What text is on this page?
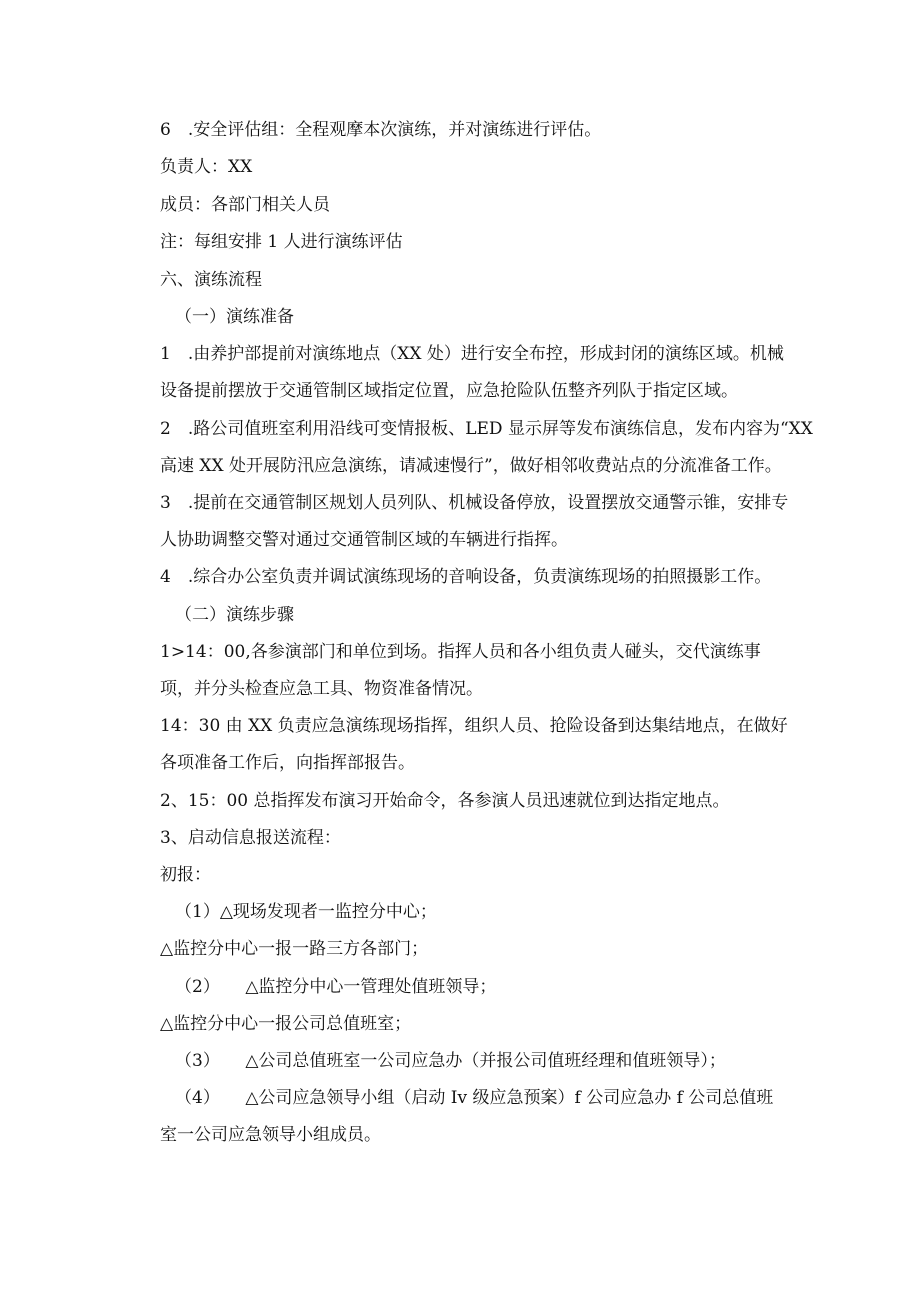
6　.安全评估组：全程观摩本次演练，并对演练进行评估。
负责人：XX
成员：各部门相关人员
注：每组安排 1 人进行演练评估
六、演练流程
（一）演练准备
1　.由养护部提前对演练地点（XX 处）进行安全布控，形成封闭的演练区域。机械
设备提前摆放于交通管制区域指定位置，应急抢险队伍整齐列队于指定区域。
2　.路公司值班室利用沿线可变情报板、LED 显示屏等发布演练信息，发布内容为“XX
高速 XX 处开展防汛应急演练，请减速慢行”，做好相邻收费站点的分流准备工作。
3　.提前在交通管制区规划人员列队、机械设备停放，设置摆放交通警示锥，安排专
人协助调整交警对通过交通管制区域的车辆进行指挥。
4　.综合办公室负责并调试演练现场的音响设备，负责演练现场的拍照摄影工作。
（二）演练步骤
1>14：00,各参演部门和单位到场。指挥人员和各小组负责人碰头，交代演练事
项，并分头检查应急工具、物资准备情况。
14：30 由 XX 负责应急演练现场指挥，组织人员、抢险设备到达集结地点，在做好
各项准备工作后，向指挥部报告。
2、15：00 总指挥发布演习开始命令，各参演人员迅速就位到达指定地点。
3、启动信息报送流程：
初报：
（1）△现场发现者一监控分中心；
△监控分中心一报一路三方各部门；
（2）　　△监控分中心一管理处值班领导；
△监控分中心一报公司总值班室；
（3）　　△公司总值班室一公司应急办（并报公司值班经理和值班领导）；
（4）　　△公司应急领导小组（启动 Iv 级应急预案）f 公司应急办 f 公司总值班
室一公司应急领导小组成员。
